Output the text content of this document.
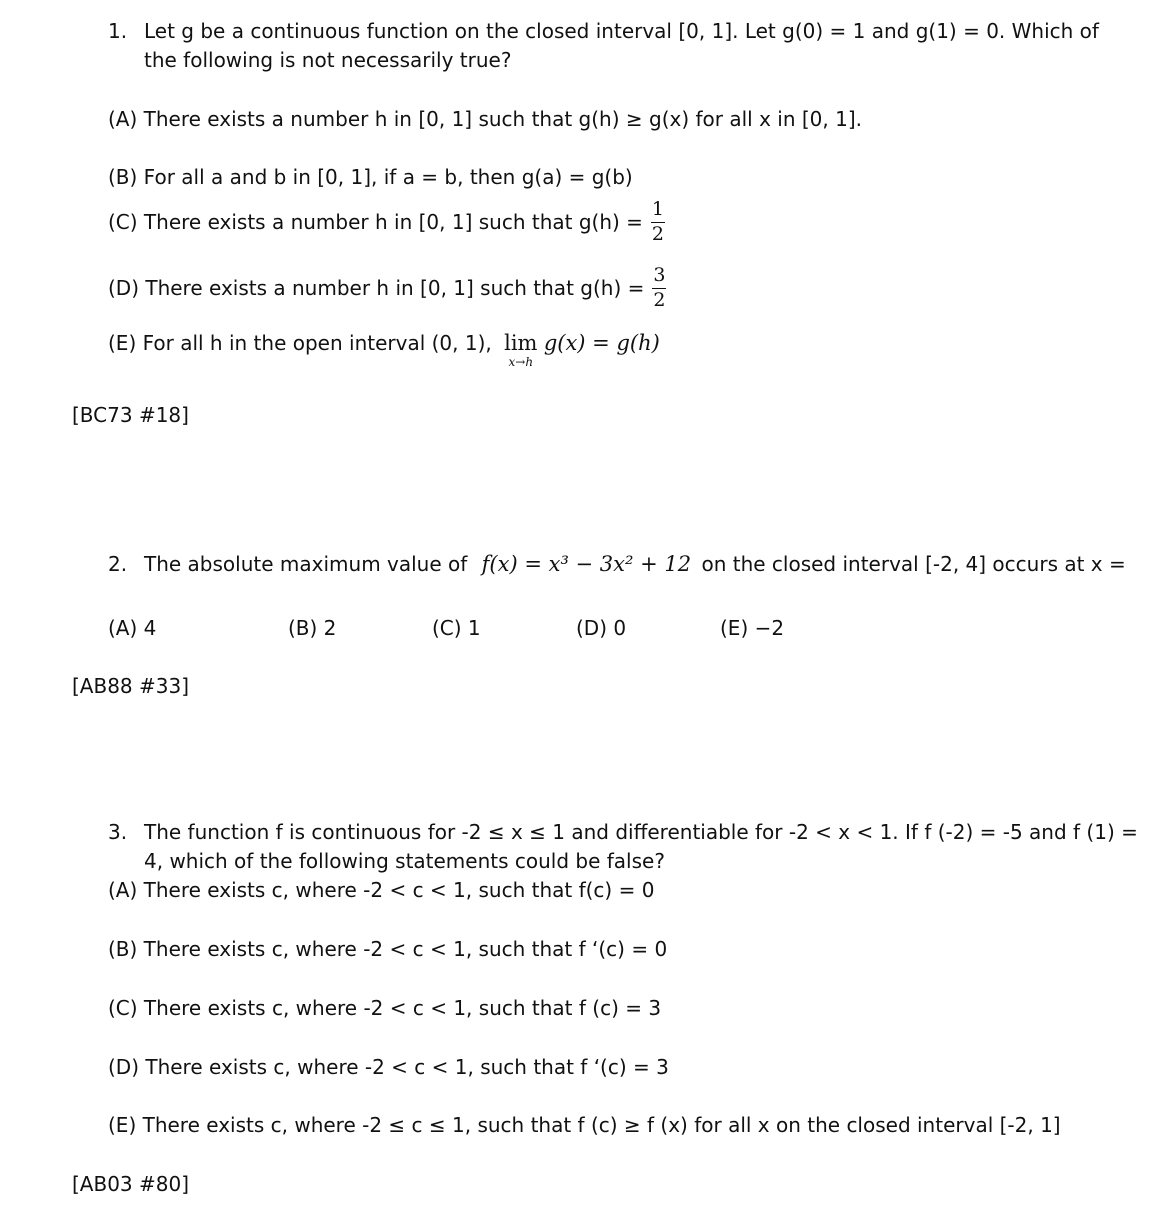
1. Let g be a continuous function on the closed interval [0, 1]. Let g(0) = 1 and g(1) = 0. Which of
the following is not necessarily true?
(A) There exists a number h in [0, 1] such that g(h) ≥ g(x) for all x in [0, 1].
(B) For all a and b in [0, 1], if a = b, then g(a) = g(b)
(C) There exists a number h in [0, 1] such that $g(h) = \frac{1}{2}$
(D) There exists a number h in [0, 1] such that $g(h) = \frac{3}{2}$
(E) For all h in the open interval (0, 1), lim
x→h
g(x) = g(h)
[BC73 #18]
2. The absolute maximum value of f(x) = x³ − 3x² + 12 on the closed interval [-2, 4] occurs at x =
(A) 4	(B) 2	(C) 1	(D) 0	(E) −2
[AB88 #33]
3. The function f is continuous for -2 ≤ x ≤ 1 and differentiable for -2 < x < 1. If f (-2) = -5 and f (1) =
4, which of the following statements could be false?
(A) There exists c, where -2 < c < 1, such that f(c) = 0
(B) There exists c, where -2 < c < 1, such that f ‘(c) = 0
(C) There exists c, where -2 < c < 1, such that f (c) = 3
(D) There exists c, where -2 < c < 1, such that f ‘(c) = 3
(E) There exists c, where -2 ≤ c ≤ 1, such that f (c) ≥ f (x) for all x on the closed interval [-2, 1]
[AB03 #80]
